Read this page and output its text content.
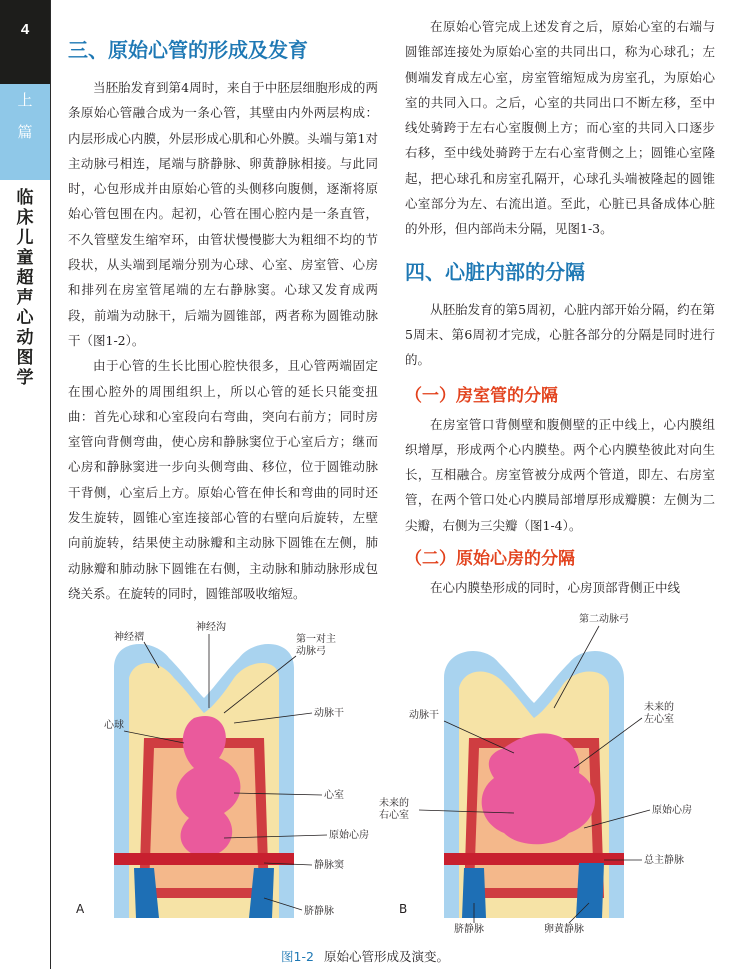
4
上
篇
临
床
儿
童
超
声
心
动
图
学
三、原始心管的形成及发育

当胚胎发育到第4周时，来自于中胚层细胞形成的两条原始心管融合成为一条心管，其壁由内外两层构成：内层形成心内膜，外层形成心肌和心外膜。头端与第1对主动脉弓相连，尾端与脐静脉、卵黄静脉相接。与此同时，心包形成并由原始心管的头侧移向腹侧，逐渐将原始心管包围在内。起初，心管在围心腔内是一条直管，不久管壁发生缩窄环，由管状慢慢膨大为粗细不均的节段状，从头端到尾端分别为心球、心室、房室管、心房和排列在房室管尾端的左右静脉窦。心球又发育成两段，前端为动脉干，后端为圆锥部，两者称为圆锥动脉干（图1-2）。

由于心管的生长比围心腔快很多，且心管两端固定在围心腔外的周围组织上，所以心管的延长只能变扭曲：首先心球和心室段向右弯曲，突向右前方；同时房室管向背侧弯曲，使心房和静脉窦位于心室后方；继而心房和静脉窦进一步向头侧弯曲、移位，位于圆锥动脉干背侧，心室后上方。原始心管在伸长和弯曲的同时还发生旋转，圆锥心室连接部心管的右壁向后旋转，左壁向前旋转，结果使主动脉瓣和主动脉下圆锥在左侧，肺动脉瓣和肺动脉下圆锥在右侧，主动脉和肺动脉形成包绕关系。在旋转的同时，圆锥部吸收缩短。

在原始心管完成上述发育之后，原始心室的右端与圆锥部连接处为原始心室的共同出口，称为心球孔；左侧端发育成左心室，房室管缩短成为房室孔，为原始心室的共同入口。之后，心室的共同出口不断左移，至中线处骑跨于左右心室腹侧上方；而心室的共同入口逐步右移，至中线处骑跨于左右心室背侧之上；圆锥心室隆起，把心球孔和房室孔隔开，心球孔头端被隆起的圆锥心室部分为左、右流出道。至此，心脏已具备成体心脏的外形，但内部尚未分隔，见图1-3。

四、心脏内部的分隔

从胚胎发育的第5周初，心脏内部开始分隔，约在第5周末、第6周初才完成，心脏各部分的分隔是同时进行的。

（一）房室管的分隔

在房室管口背侧壁和腹侧壁的正中线上，心内膜组织增厚，形成两个心内膜垫。两个心内膜垫彼此对向生长，互相融合。房室管被分成两个管道，即左、右房室管，在两个管口处心内膜局部增厚形成瓣膜：左侧为二尖瓣，右侧为三尖瓣（图1-4）。

（二）原始心房的分隔

在心内膜垫形成的同时，心房顶部背侧正中线

A
神经褶
神经沟
第一对主
动脉弓
心球
动脉干
心室
原始心房
静脉窦
脐静脉	B
第二动脉弓
动脉干
未来的
左心室
未来的
右心室	原始心房
总主静脉
脐静脉	卵黄静脉
图1-2 原始心管形成及演变。
